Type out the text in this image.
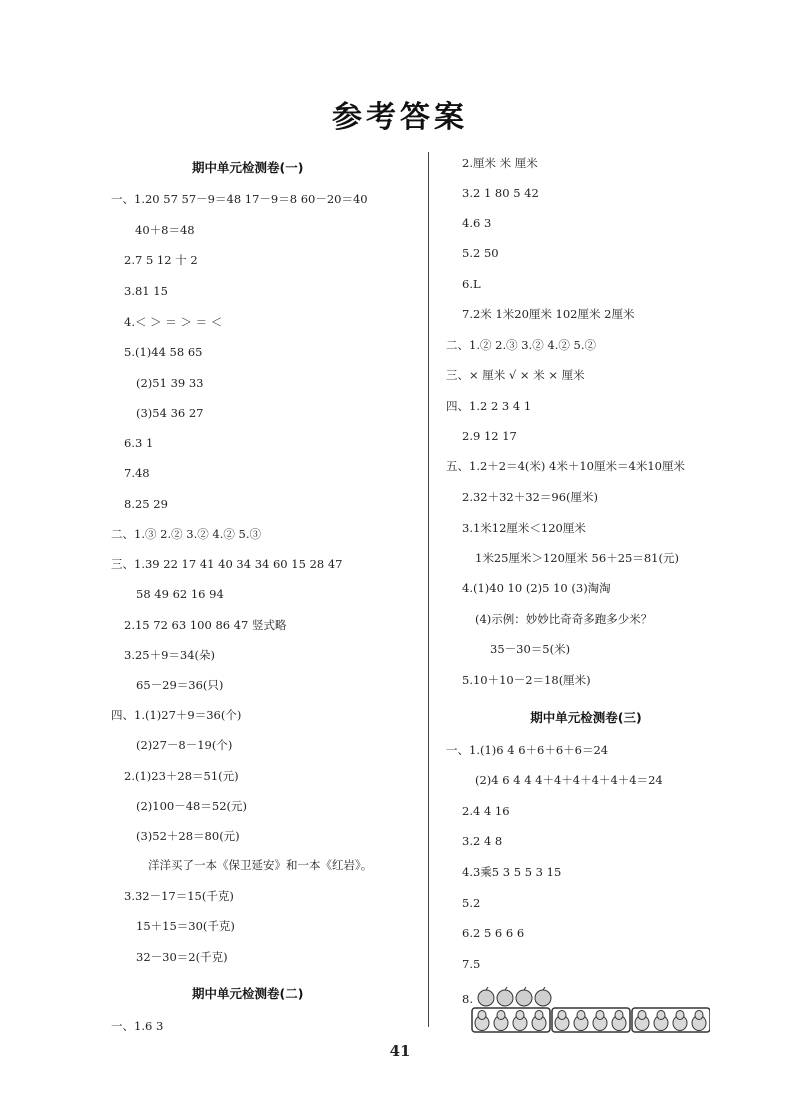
参考答案
期中单元检测卷(一)
一、1.20 57 57－9＝48 17－9＝8 60－20＝40
40＋8＝48
2.7 5 12 十 2
3.81 15
4.＜ ＞ ＝ ＞ ＝ ＜
5.(1)44 58 65
(2)51 39 33
(3)54 36 27
6.3 1
7.48
8.25 29
二、1.③ 2.② 3.② 4.② 5.③
三、1.39 22 17 41 40 34 34 60 15 28 47
58 49 62 16 94
2.15 72 63 100 86 47 竖式略
3.25＋9＝34(朵)
65－29＝36(只)
四、1.(1)27＋9＝36(个)
(2)27－8－19(个)
2.(1)23＋28＝51(元)
(2)100－48＝52(元)
(3)52＋28＝80(元)
洋洋买了一本《保卫延安》和一本《红岩》。
3.32－17＝15(千克)
15＋15＝30(千克)
32－30＝2(千克)
期中单元检测卷(二)
一、1.6 3
2.厘米 米 厘米
3.2 1 80 5 42
4.6 3
5.2 50
6.L
7.2米 1米20厘米 102厘米 2厘米
二、1.② 2.③ 3.② 4.② 5.②
三、× 厘米 √ × 米 × 厘米
四、1.2 2 3 4 1
2.9 12 17
五、1.2＋2＝4(米) 4米＋10厘米＝4米10厘米
2.32＋32＋32＝96(厘米)
3.1米12厘米＜120厘米
1米25厘米＞120厘米 56＋25＝81(元)
4.(1)40 10 (2)5 10 (3)淘淘
(4)示例：妙妙比奇奇多跑多少米？
35－30＝5(米)
5.10＋10－2＝18(厘米)
期中单元检测卷(三)
一、1.(1)6 4 6＋6＋6＋6＝24
(2)4 6 4 4 4＋4＋4＋4＋4＋4＝24
2.4 4 16
3.2 4 8
4.3乘5 3 5 5 3 15
5.2
6.2 5 6 6 6
7.5
8.
41
